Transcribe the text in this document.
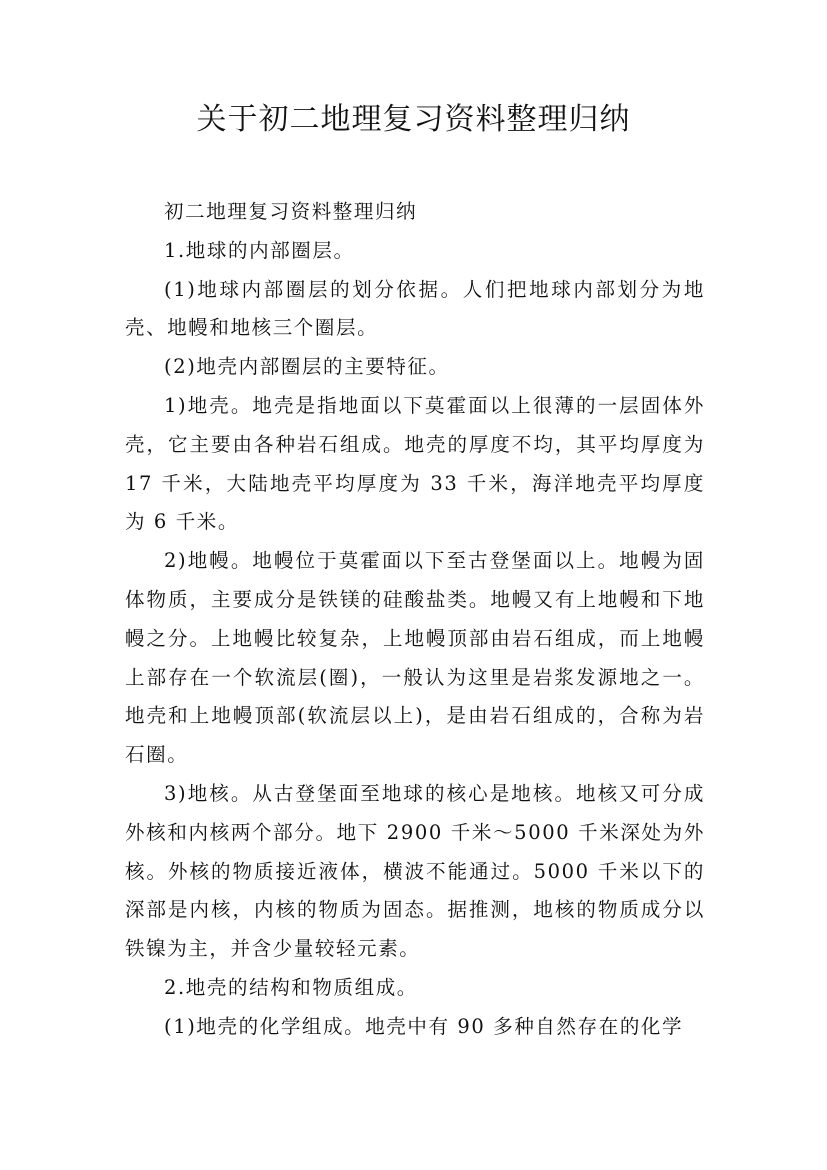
关于初二地理复习资料整理归纳

初二地理复习资料整理归纳

1.地球的内部圈层。

(1)地球内部圈层的划分依据。人们把地球内部划分为地壳、地幔和地核三个圈层。

(2)地壳内部圈层的主要特征。

1)地壳。地壳是指地面以下莫霍面以上很薄的一层固体外壳，它主要由各种岩石组成。地壳的厚度不均，其平均厚度为 17 千米，大陆地壳平均厚度为 33 千米，海洋地壳平均厚度为 6 千米。

2)地幔。地幔位于莫霍面以下至古登堡面以上。地幔为固体物质，主要成分是铁镁的硅酸盐类。地幔又有上地幔和下地幔之分。上地幔比较复杂，上地幔顶部由岩石组成，而上地幔上部存在一个软流层(圈)，一般认为这里是岩浆发源地之一。地壳和上地幔顶部(软流层以上)，是由岩石组成的，合称为岩石圈。

3)地核。从古登堡面至地球的核心是地核。地核又可分成外核和内核两个部分。地下 2900 千米～5000 千米深处为外核。外核的物质接近液体，横波不能通过。5000 千米以下的深部是内核，内核的物质为固态。据推测，地核的物质成分以铁镍为主，并含少量较轻元素。

2.地壳的结构和物质组成。

(1)地壳的化学组成。地壳中有 90 多种自然存在的化学
